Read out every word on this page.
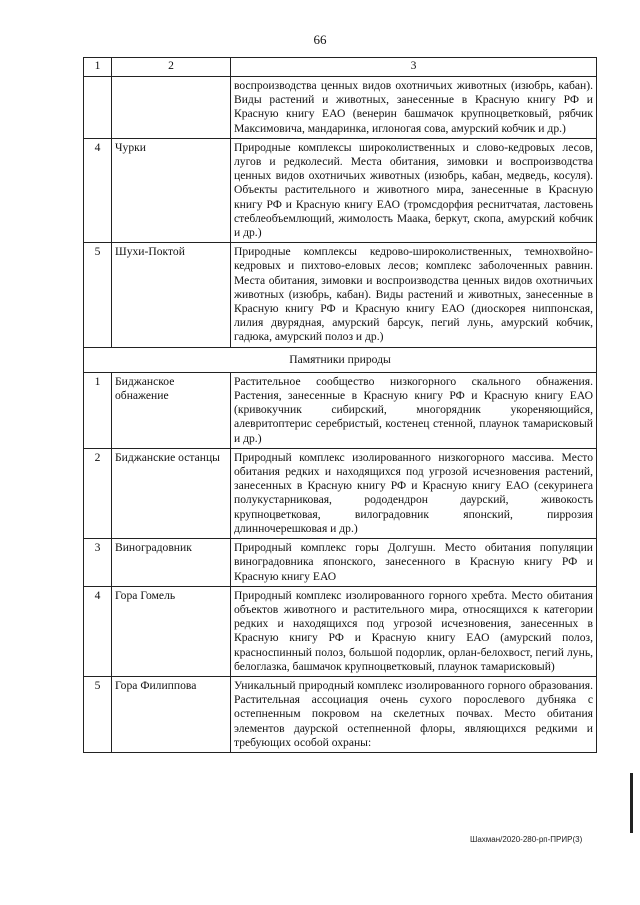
66
1	2	3
		воспроизводства ценных видов охотничьих животных (изюбрь, кабан). Виды растений и животных, занесенные в Красную книгу РФ и Красную книгу ЕАО (венерин башмачок крупноцветковый, рябчик Максимовича, мандаринка, иглоногая сова, амурский кобчик и др.)
4	Чурки	Природные комплексы широколиственных и слово-кедровых лесов, лугов и редколесий. Места обитания, зимовки и воспроизводства ценных видов охотничьих животных (изюбрь, кабан, медведь, косуля). Объекты растительного и животного мира, занесенные в Красную книгу РФ и Красную книгу ЕАО (тромсдорфия реснитчатая, ластовень стеблеобъемлющий, жимолость Маака, беркут, скопа, амурский кобчик и др.)
5	Шухи-Поктой	Природные комплексы кедрово-широколиственных, темнохвойно-кедровых и пихтово-еловых лесов; комплекс заболоченных равнин. Места обитания, зимовки и воспроизводства ценных видов охотничьих животных (изюбрь, кабан). Виды растений и животных, занесенные в Красную книгу РФ и Красную книгу ЕАО (диоскорея ниппонская, лилия двурядная, амурский барсук, пегий лунь, амурский кобчик, гадюка, амурский полоз и др.)
Памятники природы		
1	Биджанское обнажение	Растительное сообщество низкогорного скального обнажения. Растения, занесенные в Красную книгу РФ и Красную книгу ЕАО (кривокучник сибирский, многорядник укореняющийся, алевритоптерис серебристый, костенец стенной, плаунок тамарисковый и др.)
2	Биджанские останцы	Природный комплекс изолированного низкогорного массива. Место обитания редких и находящихся под угрозой исчезновения растений, занесенных в Красную книгу РФ и Красную книгу ЕАО (секуринега полукустарниковая, рододендрон даурский, живокость крупноцветковая, вилоградовник японский, пиррозия длинночерешковая и др.)
3	Виноградовник	Природный комплекс горы Долгушн. Место обитания популяции виноградовника японского, занесенного в Красную книгу РФ и Красную книгу ЕАО
4	Гора Гомель	Природный комплекс изолированного горного хребта. Место обитания объектов животного и растительного мира, относящихся к категории редких и находящихся под угрозой исчезновения, занесенных в Красную книгу РФ и Красную книгу ЕАО (амурский полоз, красноспинный полоз, большой подорлик, орлан-белохвост, пегий лунь, белоглазка, башмачок крупноцветковый, плаунок тамарисковый)
5	Гора Филиппова	Уникальный природный комплекс изолированного горного образования. Растительная ассоциация очень сухого порослевого дубняка с остепненным покровом на скелетных почвах. Место обитания элементов даурской остепненной флоры, являющихся редкими и требующих особой охраны:
Шахман/2020-280-рп-ПРИР(3)
